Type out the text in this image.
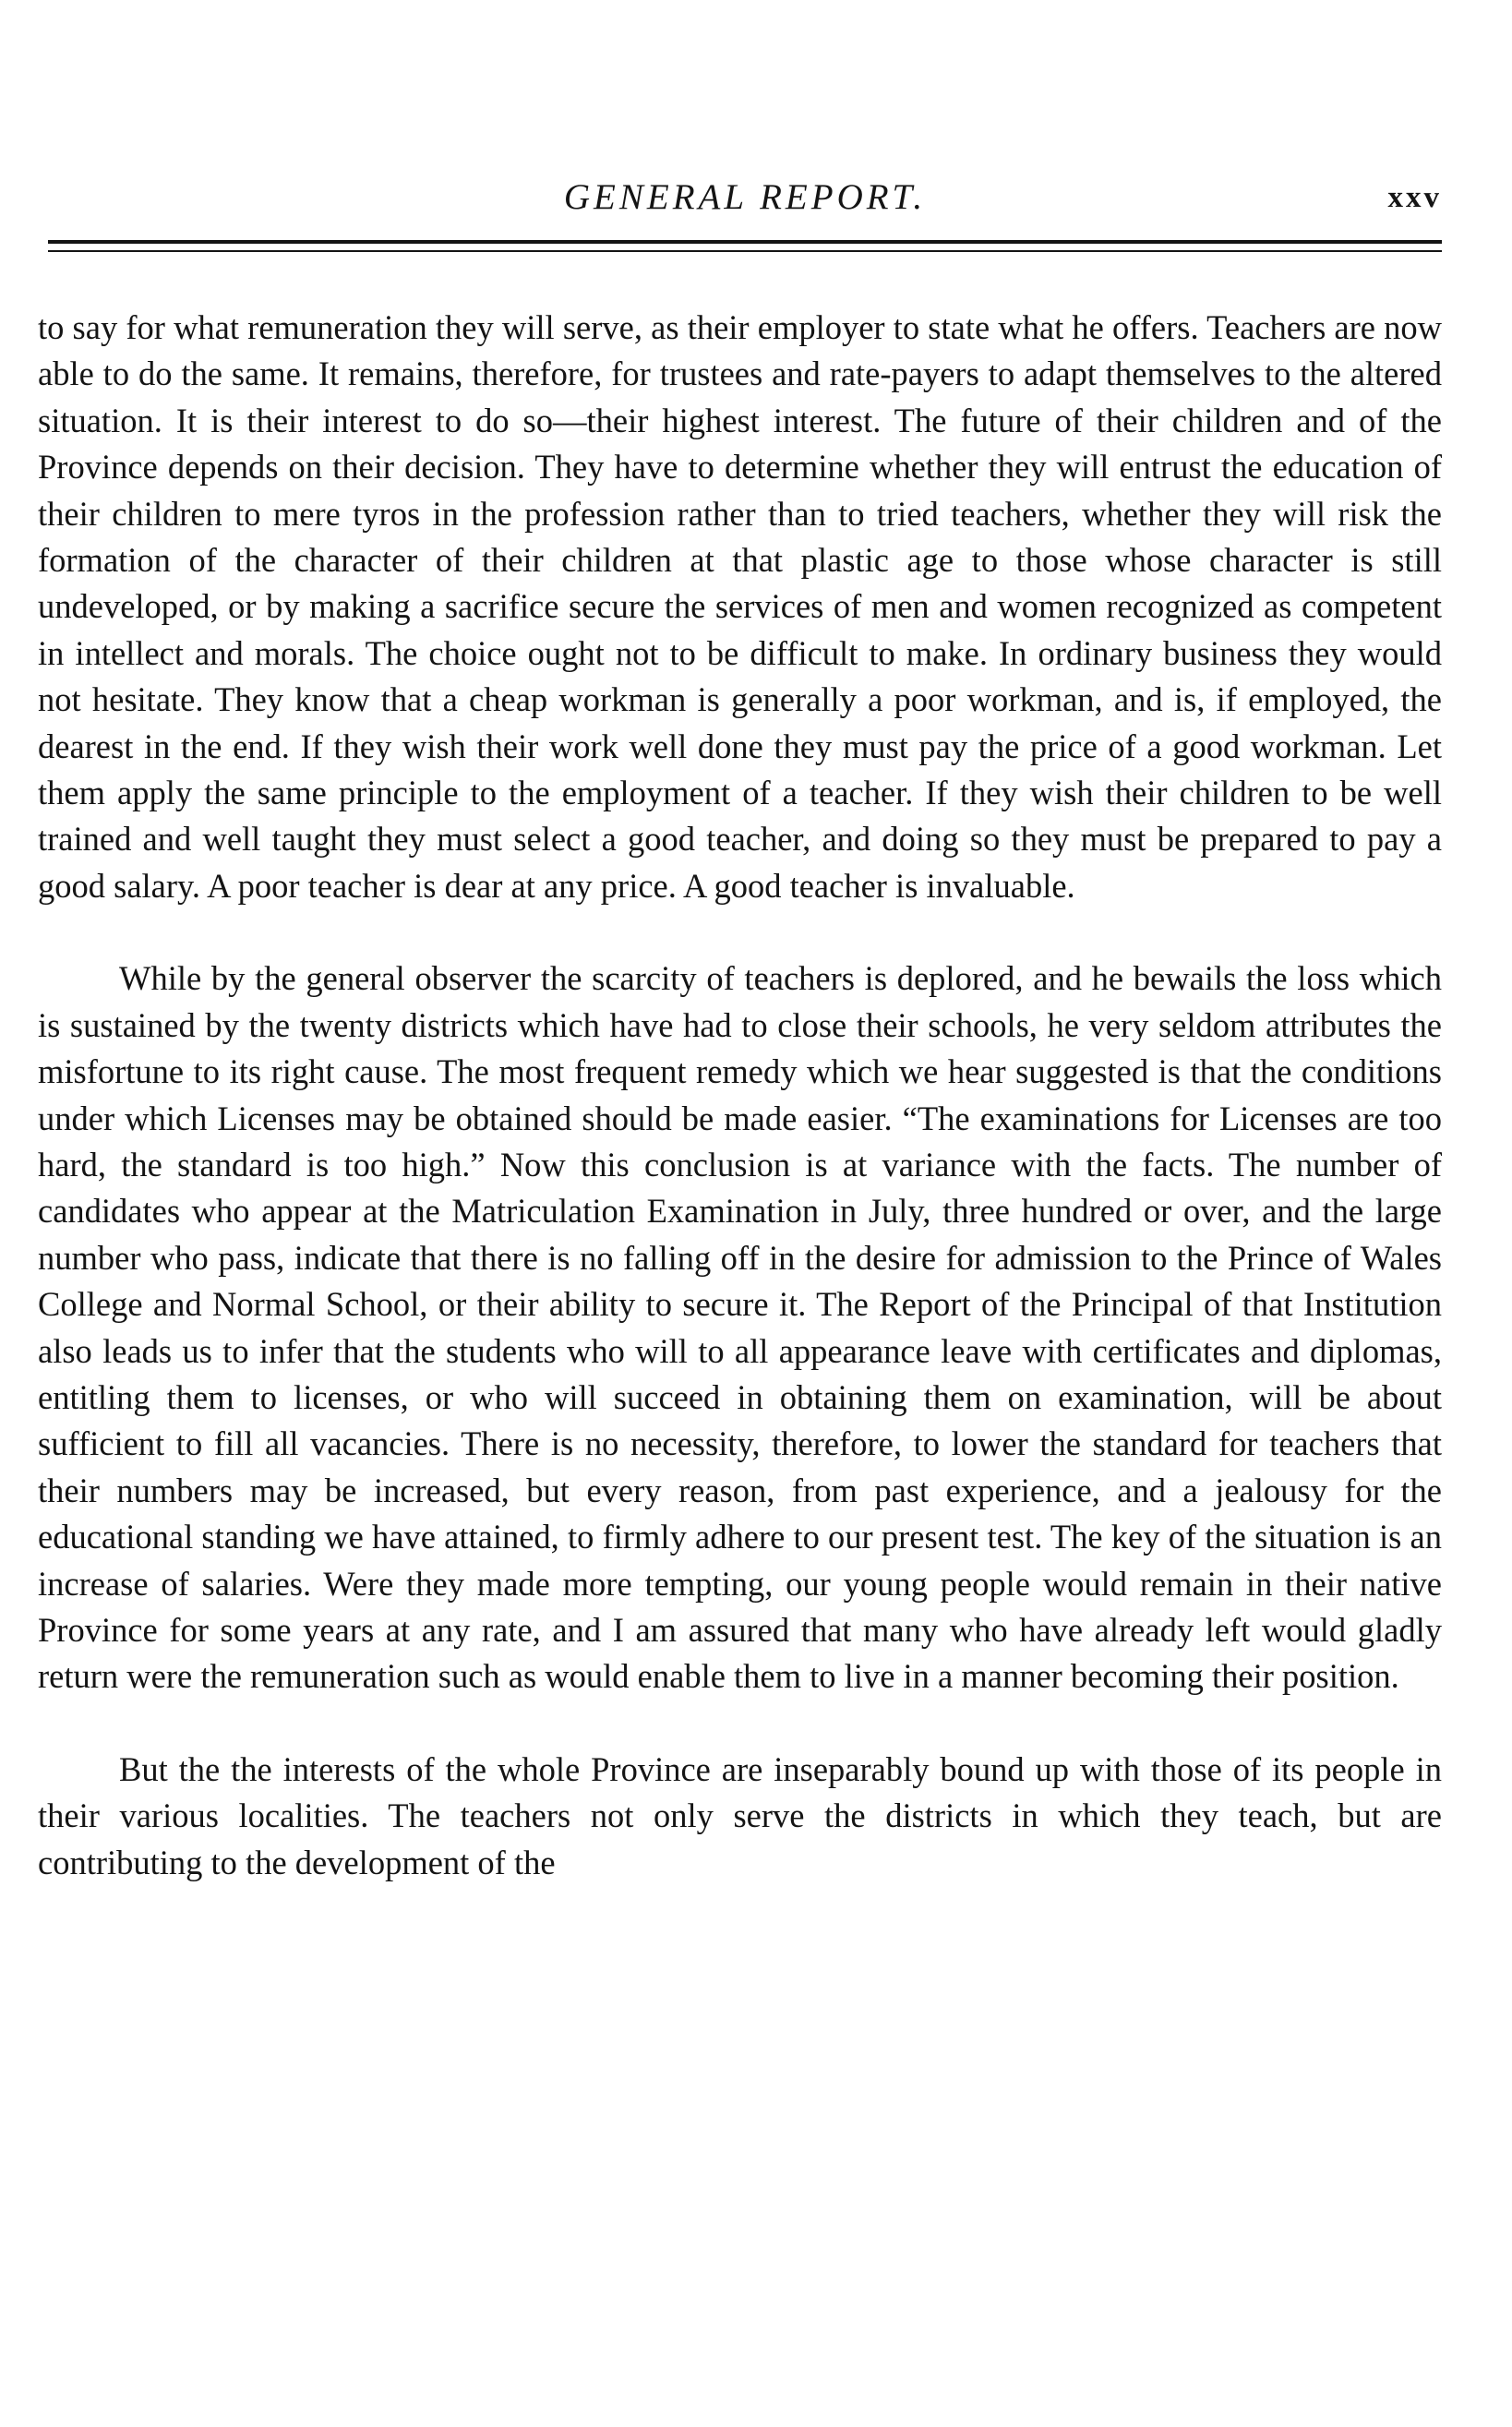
GENERAL REPORT.	xxv

to say for what remuneration they will serve, as their employer to state what he offers. Teachers are now able to do the same. It remains, therefore, for trustees and rate-payers to adapt themselves to the altered situation. It is their interest to do so—their highest interest. The future of their children and of the Province depends on their decision. They have to determine whether they will entrust the education of their children to mere tyros in the profession rather than to tried teachers, whether they will risk the formation of the character of their children at that plastic age to those whose character is still undeveloped, or by making a sacrifice secure the services of men and women recognized as competent in intellect and morals. The choice ought not to be difficult to make. In ordinary business they would not hesitate. They know that a cheap workman is generally a poor workman, and is, if employed, the dearest in the end. If they wish their work well done they must pay the price of a good workman. Let them apply the same principle to the employment of a teacher. If they wish their children to be well trained and well taught they must select a good teacher, and doing so they must be prepared to pay a good salary. A poor teacher is dear at any price. A good teacher is invaluable.

While by the general observer the scarcity of teachers is deplored, and he bewails the loss which is sustained by the twenty districts which have had to close their schools, he very seldom attributes the misfortune to its right cause. The most frequent remedy which we hear suggested is that the conditions under which Licenses may be obtained should be made easier. “The examinations for Licenses are too hard, the standard is too high.” Now this conclusion is at variance with the facts. The number of candidates who appear at the Matriculation Examination in July, three hundred or over, and the large number who pass, indicate that there is no falling off in the desire for admission to the Prince of Wales College and Normal School, or their ability to secure it. The Report of the Principal of that Institution also leads us to infer that the students who will to all appearance leave with certificates and diplomas, entitling them to licenses, or who will succeed in obtaining them on examination, will be about sufficient to fill all vacancies. There is no necessity, therefore, to lower the standard for teachers that their numbers may be increased, but every reason, from past experience, and a jealousy for the educational standing we have attained, to firmly adhere to our present test. The key of the situation is an increase of salaries. Were they made more tempting, our young people would remain in their native Province for some years at any rate, and I am assured that many who have already left would gladly return were the remuneration such as would enable them to live in a manner becoming their position.

But the the interests of the whole Province are inseparably bound up with those of its people in their various localities. The teachers not only serve the districts in which they teach, but are contributing to the development of the
